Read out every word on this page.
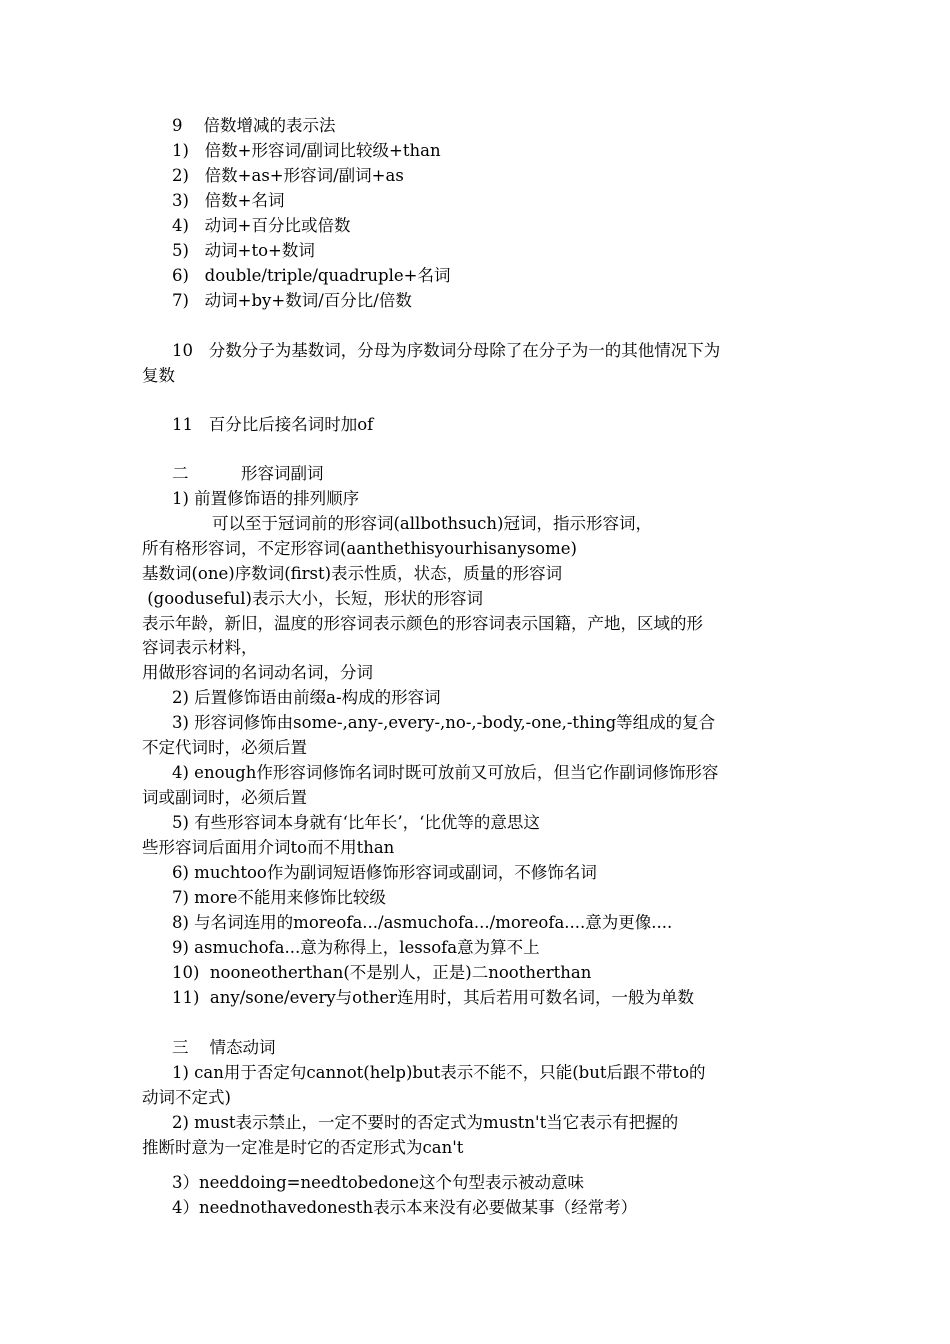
9    倍数增减的表示法
1)   倍数+形容词/副词比较级+than
2)   倍数+as+形容词/副词+as
3)   倍数+名词
4)   动词+百分比或倍数
5)   动词+to+数词
6)   double/triple/quadruple+名词
7)   动词+by+数词/百分比/倍数
10   分数分子为基数词，分母为序数词分母除了在分子为一的其他情况下为
复数
11   百分比后接名词时加of
二          形容词副词
1) 前置修饰语的排列顺序
可以至于冠词前的形容词(allbothsuch)冠词，指示形容词，
所有格形容词，不定形容词(aanthethisyourhisanysome)
基数词(one)序数词(first)表示性质，状态，质量的形容词
(gooduseful)表示大小，长短，形状的形容词
表示年龄，新旧，温度的形容词表示颜色的形容词表示国籍，产地，区域的形
容词表示材料，
用做形容词的名词动名词，分词
2) 后置修饰语由前缀a-构成的形容词
3) 形容词修饰由some-,any-,every-,no-,-body,-one,-thing等组成的复合
不定代词时，必须后置
4) enough作形容词修饰名词时既可放前又可放后，但当它作副词修饰形容
词或副词时，必须后置
5) 有些形容词本身就有‘比年长’，‘比优等的意思这
些形容词后面用介词to而不用than
6) muchtoo作为副词短语修饰形容词或副词，不修饰名词
7) more不能用来修饰比较级
8) 与名词连用的moreofa.../asmuchofa.../moreofa....意为更像....
9) asmuchofa...意为称得上，lessofa意为算不上
10)  nooneotherthan(不是别人，正是)二nootherthan
11)  any/sone/every与other连用时，其后若用可数名词，一般为单数
三    情态动词
1) can用于否定句cannot(help)but表示不能不，只能(but后跟不带to的
动词不定式)
2) must表示禁止，一定不要时的否定式为mustn't当它表示有把握的
推断时意为一定准是时它的否定形式为can't
3）needdoing=needtobedone这个句型表示被动意味
4）neednothavedonesth表示本来没有必要做某事（经常考）
